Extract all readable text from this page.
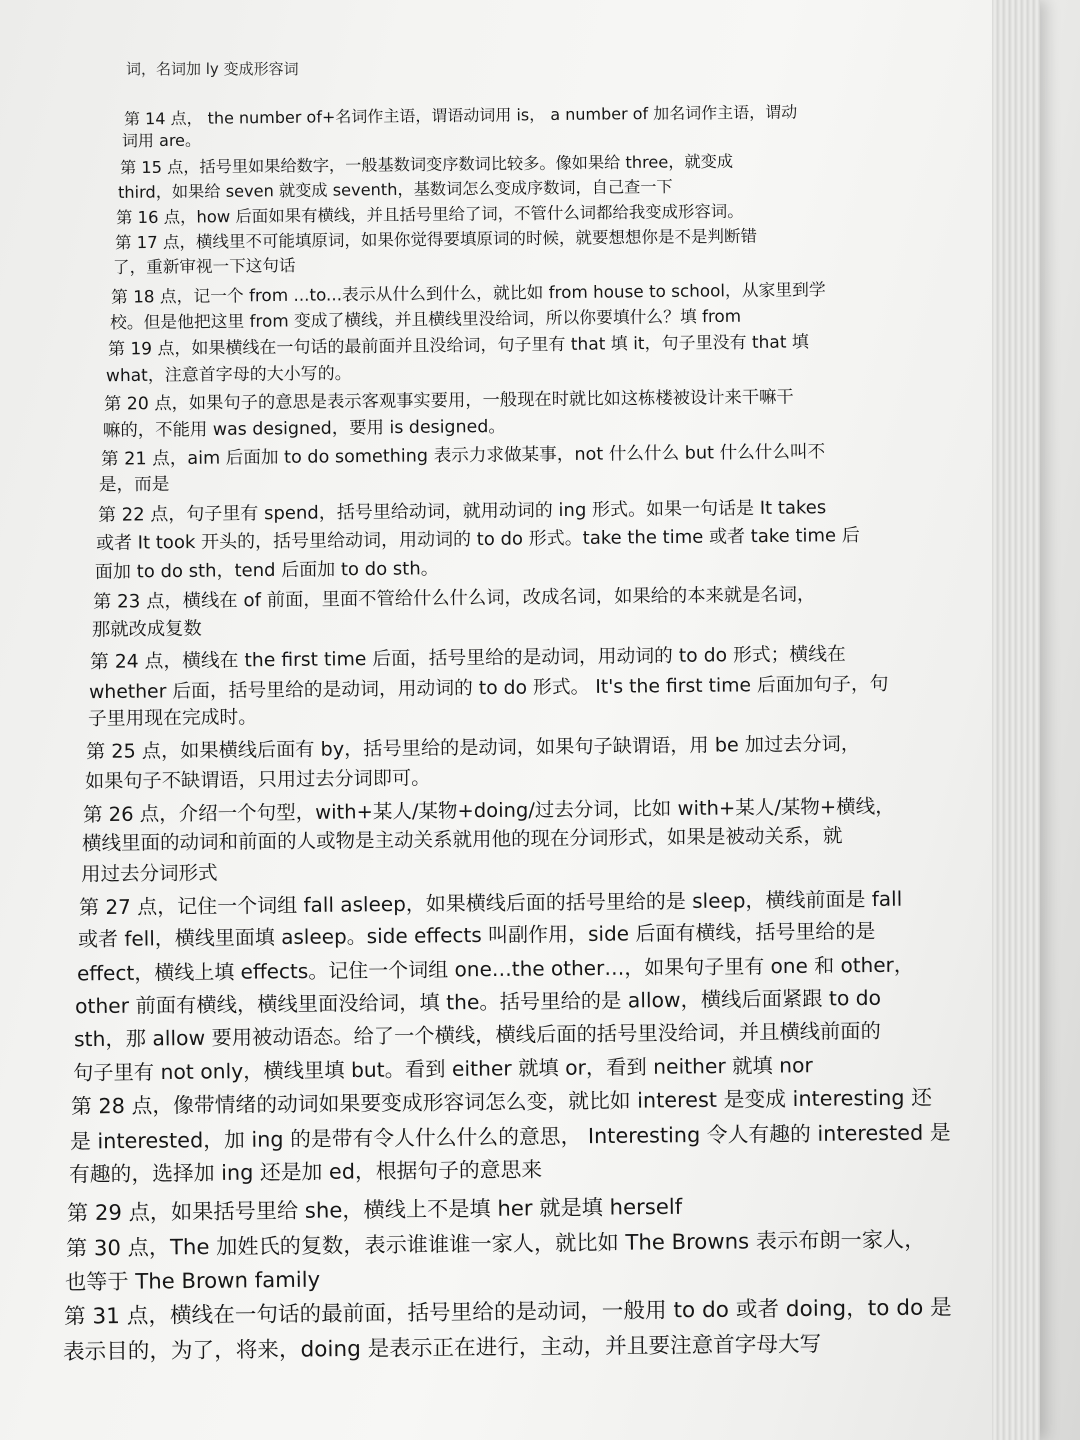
词，名词加 ly 变成形容词
第 14 点， the number of+名词作主语，谓语动词用 is， a number of 加名词作主语，谓动
词用 are。
第 15 点，括号里如果给数字，一般基数词变序数词比较多。像如果给 three，就变成
third，如果给 seven 就变成 seventh，基数词怎么变成序数词，自己查一下
第 16 点，how 后面如果有横线，并且括号里给了词，不管什么词都给我变成形容词。
第 17 点，横线里不可能填原词，如果你觉得要填原词的时候，就要想想你是不是判断错
了，重新审视一下这句话
第 18 点，记一个 from ...to...表示从什么到什么，就比如 from house to school，从家里到学
校。但是他把这里 from 变成了横线，并且横线里没给词，所以你要填什么？填 from
第 19 点，如果横线在一句话的最前面并且没给词，句子里有 that 填 it，句子里没有 that 填
what，注意首字母的大小写的。
第 20 点，如果句子的意思是表示客观事实要用，一般现在时就比如这栋楼被设计来干嘛干
嘛的，不能用 was designed，要用 is designed。
第 21 点，aim 后面加 to do something 表示力求做某事，not 什么什么 but 什么什么叫不
是，而是
第 22 点，句子里有 spend，括号里给动词，就用动词的 ing 形式。如果一句话是 It takes
或者 It took 开头的，括号里给动词，用动词的 to do 形式。take the time 或者 take time 后
面加 to do sth，tend 后面加 to do sth。
第 23 点，横线在 of 前面，里面不管给什么什么词，改成名词，如果给的本来就是名词，
那就改成复数
第 24 点，横线在 the first time 后面，括号里给的是动词，用动词的 to do 形式；横线在
whether 后面，括号里给的是动词，用动词的 to do 形式。 It's the first time 后面加句子，句
子里用现在完成时。
第 25 点，如果横线后面有 by，括号里给的是动词，如果句子缺谓语，用 be 加过去分词，
如果句子不缺谓语，只用过去分词即可。
第 26 点，介绍一个句型，with+某人/某物+doing/过去分词，比如 with+某人/某物+横线，
横线里面的动词和前面的人或物是主动关系就用他的现在分词形式，如果是被动关系，就
用过去分词形式
第 27 点，记住一个词组 fall asleep，如果横线后面的括号里给的是 sleep，横线前面是 fall
或者 fell，横线里面填 asleep。side effects 叫副作用，side 后面有横线，括号里给的是
effect，横线上填 effects。记住一个词组 one…the other…，如果句子里有 one 和 other，
other 前面有横线，横线里面没给词，填 the。括号里给的是 allow，横线后面紧跟 to do
sth，那 allow 要用被动语态。给了一个横线，横线后面的括号里没给词，并且横线前面的
句子里有 not only，横线里填 but。看到 either 就填 or，看到 neither 就填 nor
第 28 点，像带情绪的动词如果要变成形容词怎么变，就比如 interest 是变成 interesting 还
是 interested，加 ing 的是带有令人什么什么的意思， Interesting 令人有趣的 interested 是
有趣的，选择加 ing 还是加 ed，根据句子的意思来
第 29 点，如果括号里给 she，横线上不是填 her 就是填 herself
第 30 点，The 加姓氏的复数，表示谁谁谁一家人，就比如 The Browns 表示布朗一家人，
也等于 The Brown family
第 31 点，横线在一句话的最前面，括号里给的是动词，一般用 to do 或者 doing，to do 是
表示目的，为了，将来，doing 是表示正在进行，主动，并且要注意首字母大写
